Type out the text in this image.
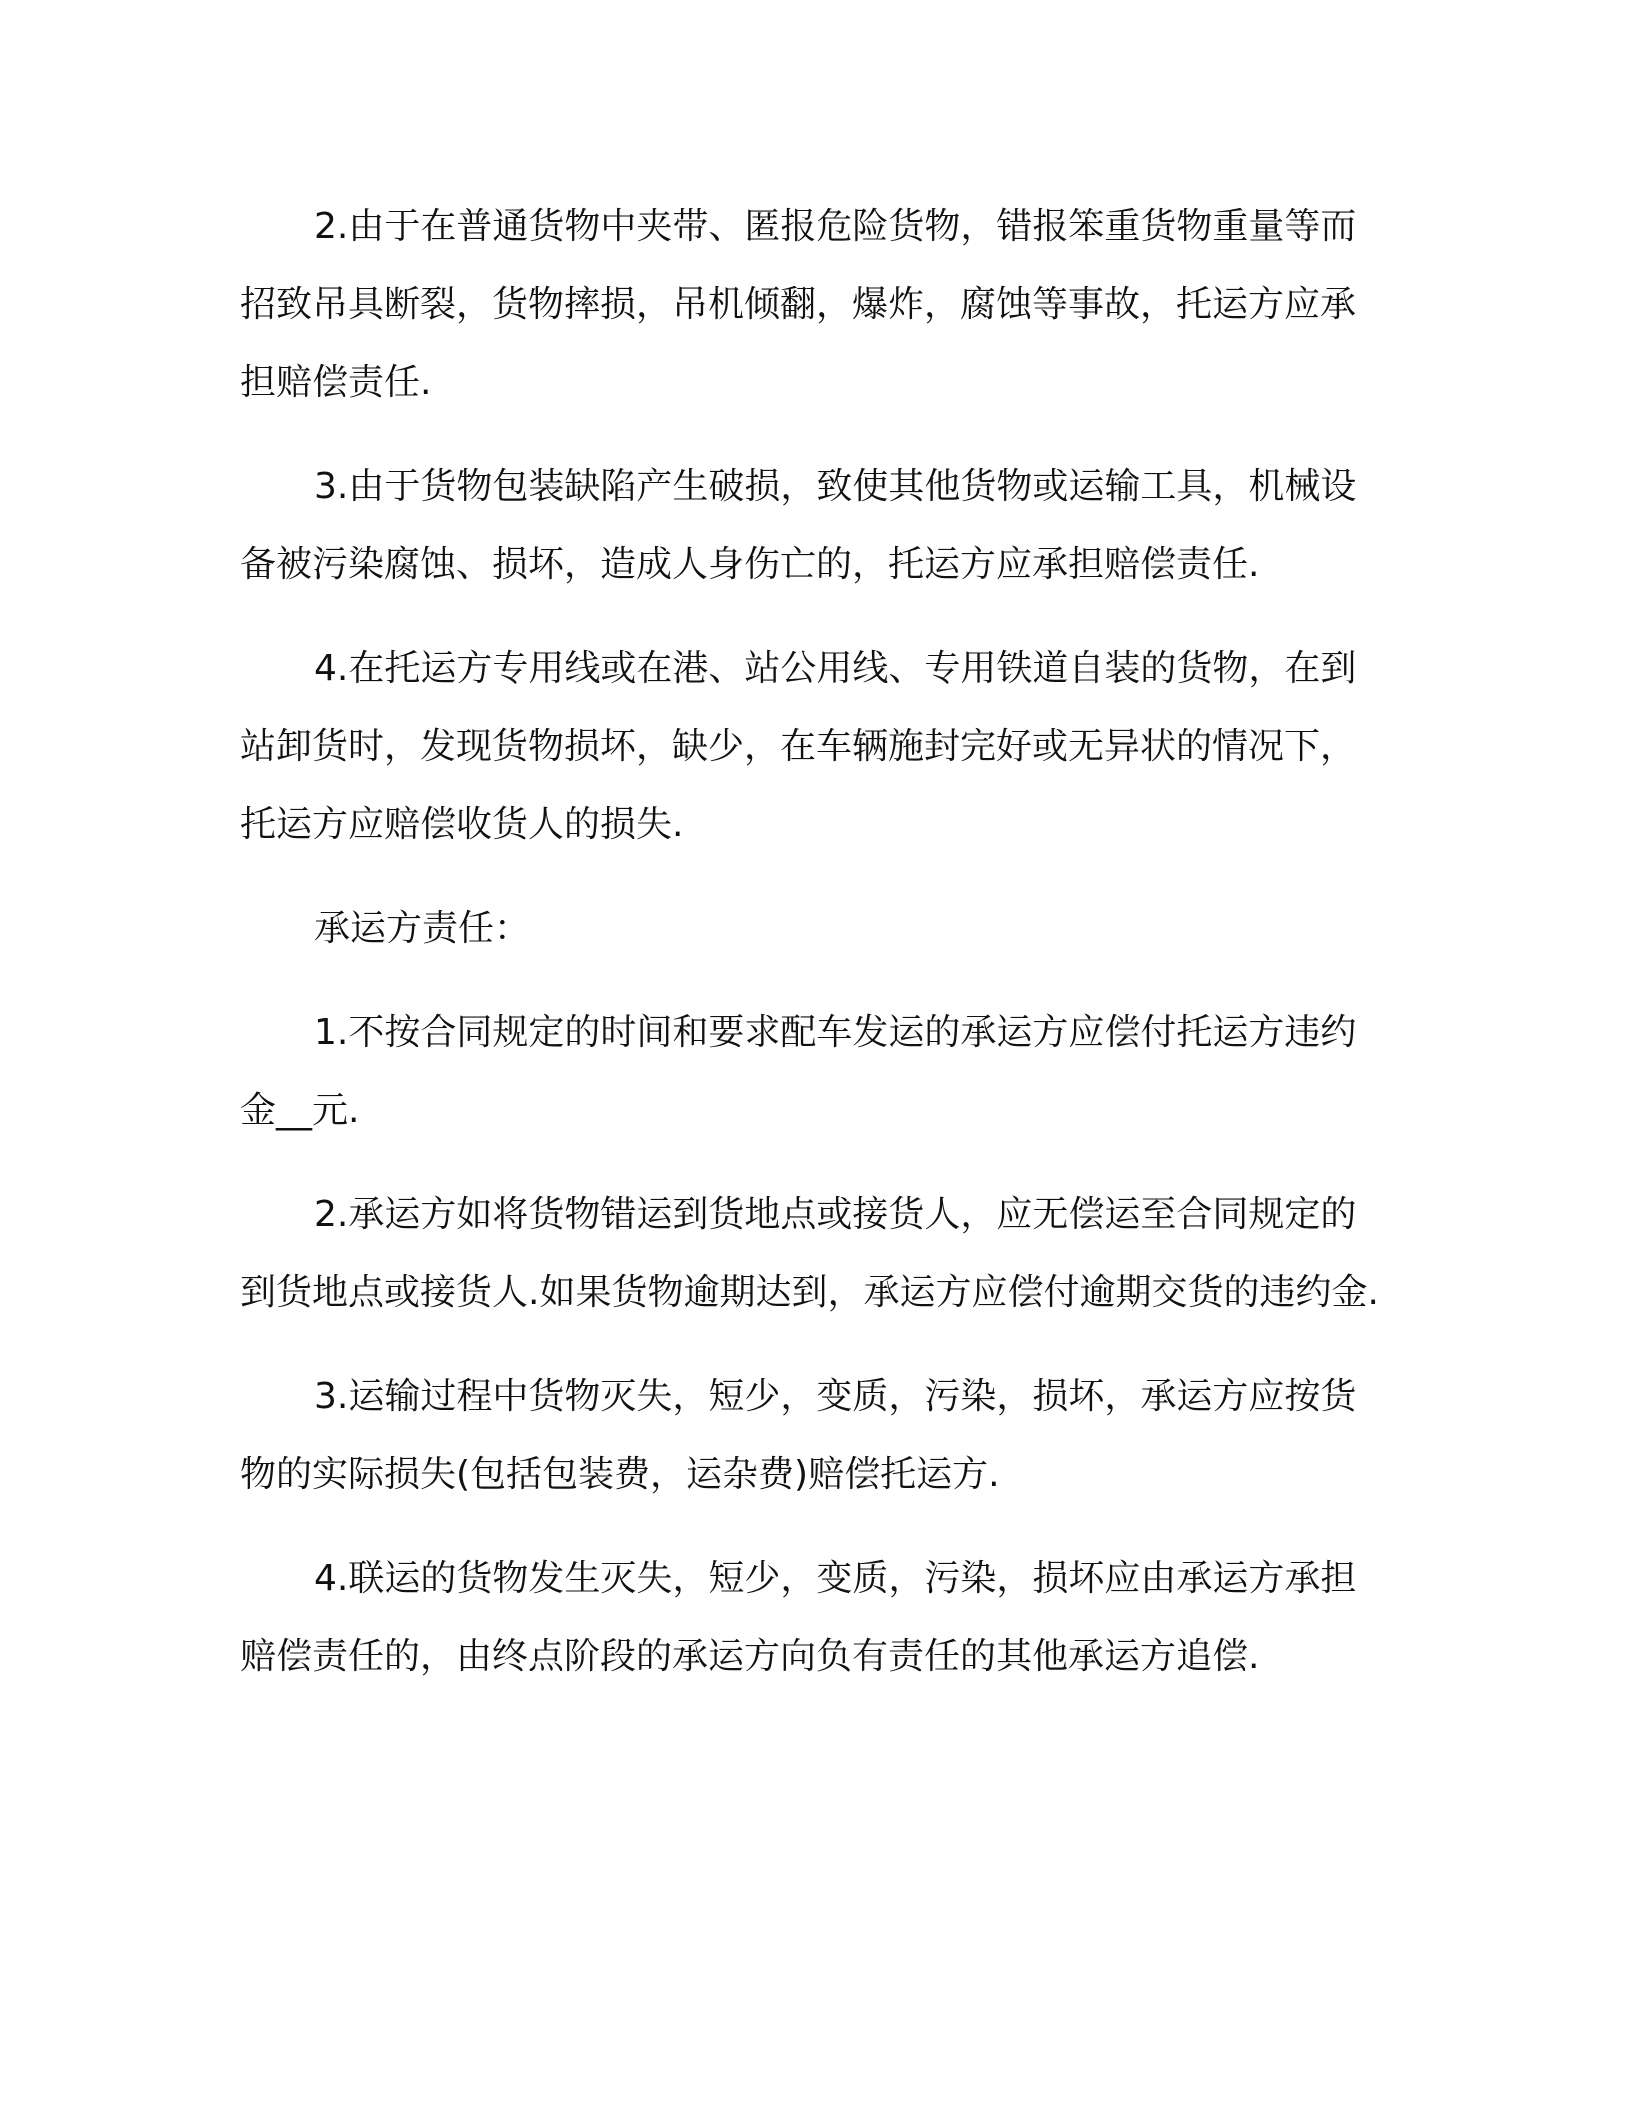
2.由于在普通货物中夹带、匿报危险货物，错报笨重货物重量等而招致吊具断裂，货物摔损，吊机倾翻，爆炸，腐蚀等事故，托运方应承担赔偿责任.

3.由于货物包装缺陷产生破损，致使其他货物或运输工具，机械设备被污染腐蚀、损坏，造成人身伤亡的，托运方应承担赔偿责任.

4.在托运方专用线或在港、站公用线、专用铁道自装的货物，在到站卸货时，发现货物损坏，缺少，在车辆施封完好或无异状的情况下，托运方应赔偿收货人的损失.

承运方责任：

1.不按合同规定的时间和要求配车发运的承运方应偿付托运方违约金__元.

2.承运方如将货物错运到货地点或接货人，应无偿运至合同规定的到货地点或接货人.如果货物逾期达到，承运方应偿付逾期交货的违约金.

3.运输过程中货物灭失，短少，变质，污染，损坏，承运方应按货物的实际损失(包括包装费，运杂费)赔偿托运方.

4.联运的货物发生灭失，短少，变质，污染，损坏应由承运方承担赔偿责任的，由终点阶段的承运方向负有责任的其他承运方追偿.
